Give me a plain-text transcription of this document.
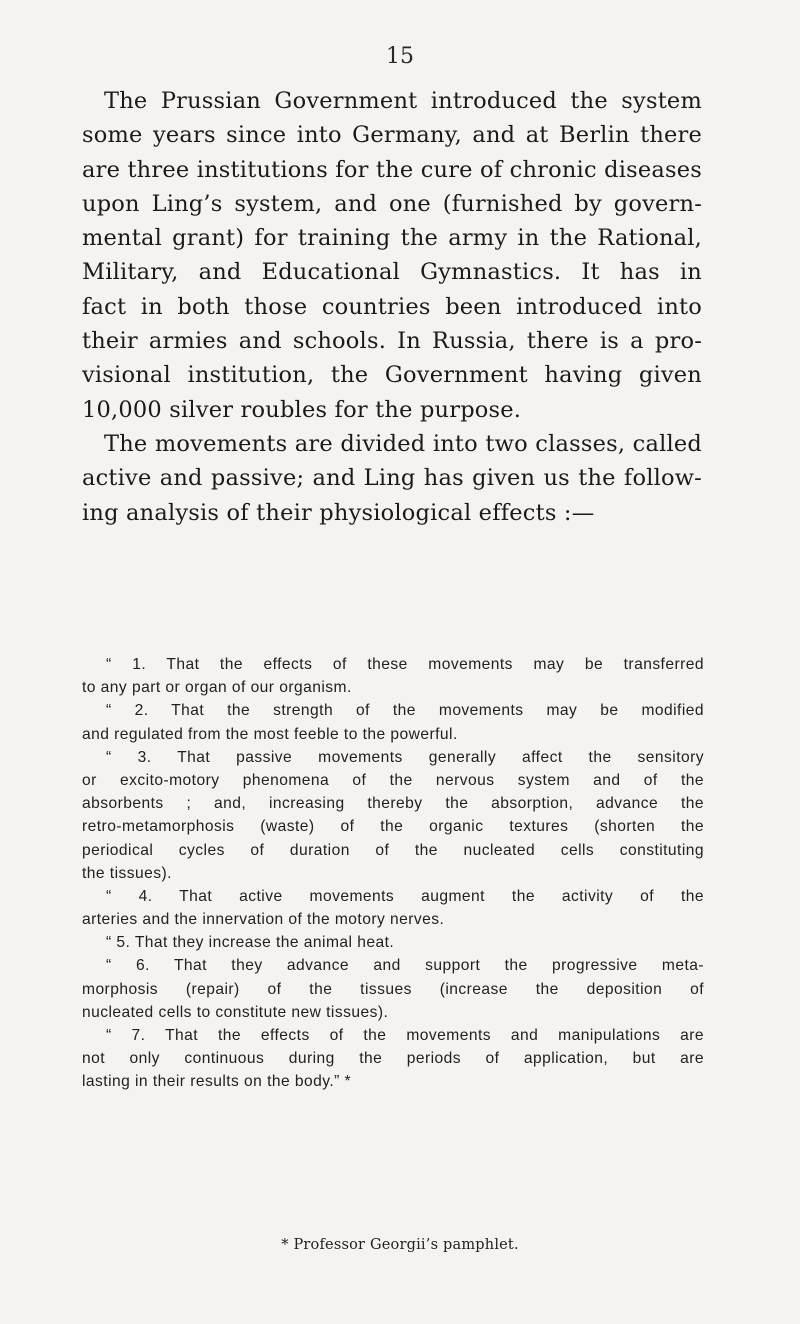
15
The Prussian Government introduced the system
some years since into Germany, and at Berlin there
are three institutions for the cure of chronic diseases
upon Ling’s system, and one (furnished by govern-
mental grant) for training the army in the Rational,
Military, and Educational Gymnastics. It has in
fact in both those countries been introduced into
their armies and schools. In Russia, there is a pro-
visional institution, the Government having given
10,000 silver roubles for the purpose.
The movements are divided into two classes, called
active and passive; and Ling has given us the follow-
ing analysis of their physiological effects :—
“ 1. That the effects of these movements may be transferred
to any part or organ of our organism.
“ 2. That the strength of the movements may be modified
and regulated from the most feeble to the powerful.
“ 3. That passive movements generally affect the sensitory
or excito-motory phenomena of the nervous system and of the
absorbents ; and, increasing thereby the absorption, advance the
retro-metamorphosis (waste) of the organic textures (shorten the
periodical cycles of duration of the nucleated cells constituting
the tissues).
“ 4. That active movements augment the activity of the
arteries and the innervation of the motory nerves.
“ 5. That they increase the animal heat.
“ 6. That they advance and support the progressive meta-
morphosis (repair) of the tissues (increase the deposition of
nucleated cells to constitute new tissues).
“ 7. That the effects of the movements and manipulations are
not only continuous during the periods of application, but are
lasting in their results on the body.” *
* Professor Georgii’s pamphlet.
